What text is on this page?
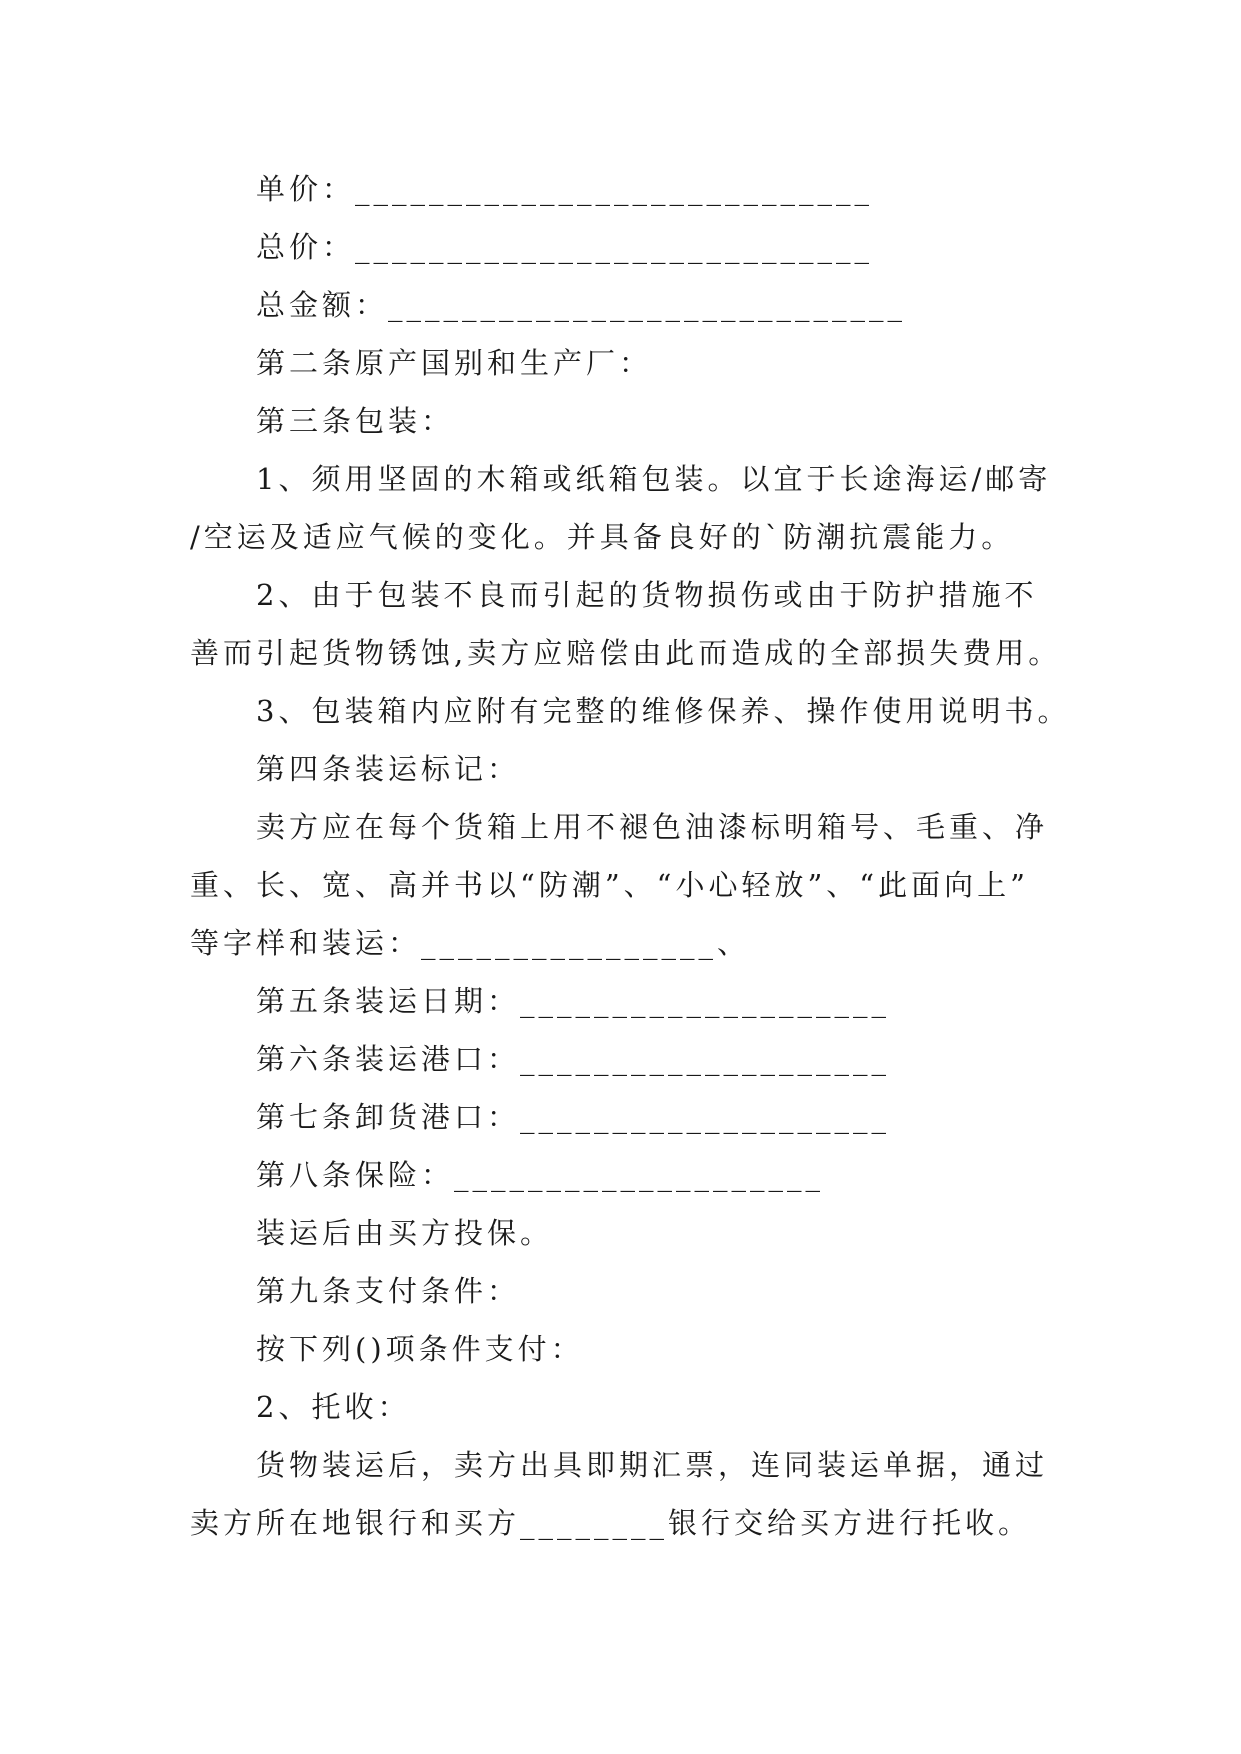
单价：____________________________
总价：____________________________
总金额：____________________________
第二条原产国别和生产厂：
第三条包装：
1、须用坚固的木箱或纸箱包装。以宜于长途海运/邮寄
/空运及适应气候的变化。并具备良好的`防潮抗震能力。
2、由于包装不良而引起的货物损伤或由于防护措施不
善而引起货物锈蚀,卖方应赔偿由此而造成的全部损失费用。
3、包装箱内应附有完整的维修保养、操作使用说明书。
第四条装运标记：
卖方应在每个货箱上用不褪色油漆标明箱号、毛重、净
重、长、宽、高并书以“防潮”、“小心轻放”、“此面向上”
等字样和装运：________________、
第五条装运日期：____________________
第六条装运港口：____________________
第七条卸货港口：____________________
第八条保险：____________________
装运后由买方投保。
第九条支付条件：
按下列()项条件支付：
2、托收：
货物装运后，卖方出具即期汇票，连同装运单据，通过
卖方所在地银行和买方________银行交给买方进行托收。
